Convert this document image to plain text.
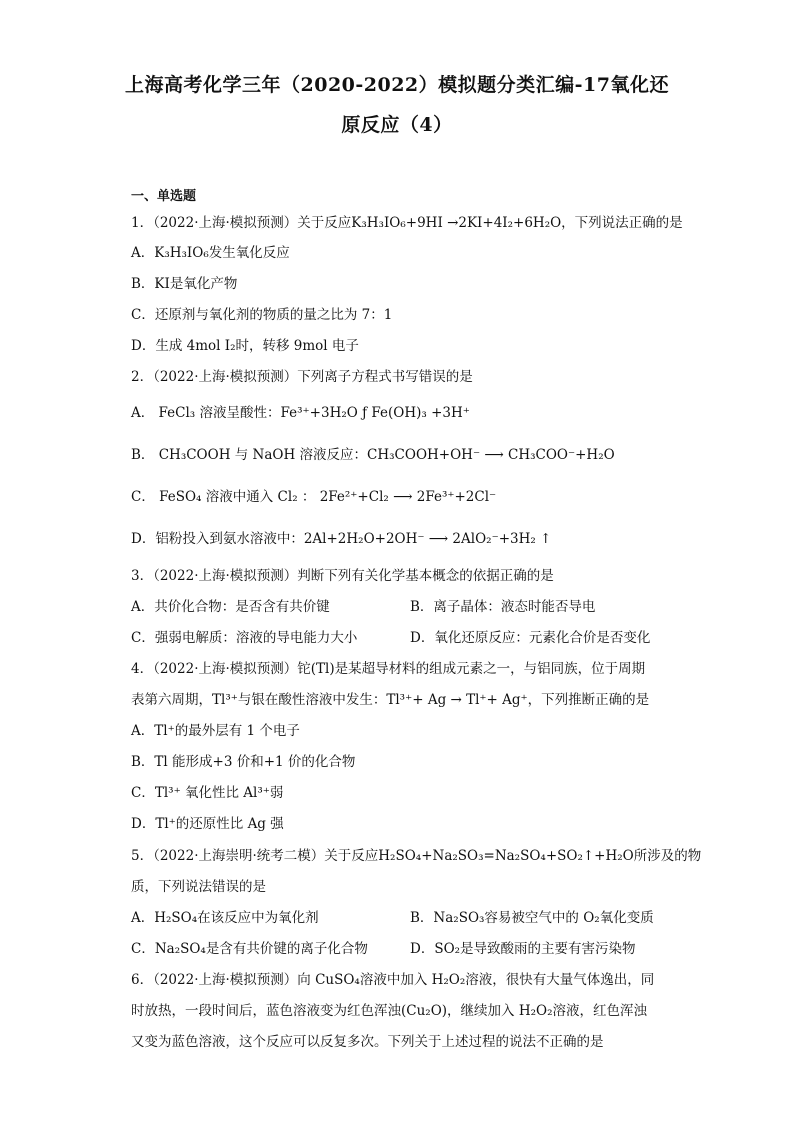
上海高考化学三年（2020-2022）模拟题分类汇编-17氧化还
原反应（4）
一、单选题
1．（2022·上海·模拟预测）关于反应K₃H₃IO₆+9HI →2KI+4I₂+6H₂O，下列说法正确的是
A．K₃H₃IO₆发生氧化反应
B．KI是氧化产物
C．还原剂与氧化剂的物质的量之比为 7：1
D．生成 4mol I₂时，转移 9mol 电子
2．（2022·上海·模拟预测）下列离子方程式书写错误的是
A． FeCl₃ 溶液呈酸性：Fe³⁺+3H₂O ƒ Fe(OH)₃ +3H⁺
B． CH₃COOH 与 NaOH 溶液反应：CH₃COOH+OH⁻ ⟶ CH₃COO⁻+H₂O
C． FeSO₄ 溶液中通入 Cl₂ ： 2Fe²⁺+Cl₂ ⟶ 2Fe³⁺+2Cl⁻
D．铝粉投入到氨水溶液中：2Al+2H₂O+2OH⁻ ⟶ 2AlO₂⁻+3H₂ ↑
3．（2022·上海·模拟预测）判断下列有关化学基本概念的依据正确的是
A．共价化合物：是否含有共价键	B．离子晶体：液态时能否导电
C．强弱电解质：溶液的导电能力大小	D．氧化还原反应：元素化合价是否变化
4．（2022·上海·模拟预测）铊(Tl)是某超导材料的组成元素之一，与铝同族，位于周期
表第六周期，Tl³⁺与银在酸性溶液中发生：Tl³⁺+ Ag → Tl⁺+ Ag⁺，下列推断正确的是
A．Tl⁺的最外层有 1 个电子
B．Tl 能形成+3 价和+1 价的化合物
C．Tl³⁺ 氧化性比 Al³⁺弱
D．Tl⁺的还原性比 Ag 强
5．（2022·上海崇明·统考二模）关于反应H₂SO₄+Na₂SO₃=Na₂SO₄+SO₂↑+H₂O所涉及的物
质，下列说法错误的是
A．H₂SO₄在该反应中为氧化剂	B．Na₂SO₃容易被空气中的 O₂氧化变质
C．Na₂SO₄是含有共价键的离子化合物	D．SO₂是导致酸雨的主要有害污染物
6．（2022·上海·模拟预测）向 CuSO₄溶液中加入 H₂O₂溶液，很快有大量气体逸出，同
时放热，一段时间后，蓝色溶液变为红色浑浊(Cu₂O)，继续加入 H₂O₂溶液，红色浑浊
又变为蓝色溶液，这个反应可以反复多次。下列关于上述过程的说法不正确的是
